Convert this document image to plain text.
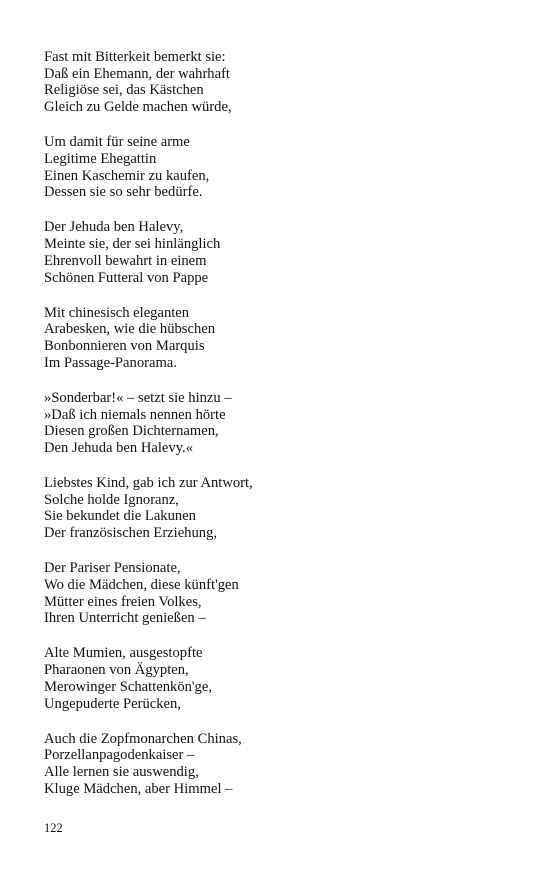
Fast mit Bitterkeit bemerkt sie:
Daß ein Ehemann, der wahrhaft
Religiöse sei, das Kästchen
Gleich zu Gelde machen würde,
Um damit für seine arme
Legitime Ehegattin
Einen Kaschemir zu kaufen,
Dessen sie so sehr bedürfe.
Der Jehuda ben Halevy,
Meinte sie, der sei hinlänglich
Ehrenvoll bewahrt in einem
Schönen Futteral von Pappe
Mit chinesisch eleganten
Arabesken, wie die hübschen
Bonbonnieren von Marquis
Im Passage-Panorama.
»Sonderbar!« – setzt sie hinzu –
»Daß ich niemals nennen hörte
Diesen großen Dichternamen,
Den Jehuda ben Halevy.«
Liebstes Kind, gab ich zur Antwort,
Solche holde Ignoranz,
Sie bekundet die Lakunen
Der französischen Erziehung,
Der Pariser Pensionate,
Wo die Mädchen, diese künft'gen
Mütter eines freien Volkes,
Ihren Unterricht genießen –
Alte Mumien, ausgestopfte
Pharaonen von Ägypten,
Merowinger Schattenkön'ge,
Ungepuderte Perücken,
Auch die Zopfmonarchen Chinas,
Porzellanpagodenkaiser –
Alle lernen sie auswendig,
Kluge Mädchen, aber Himmel –
122
